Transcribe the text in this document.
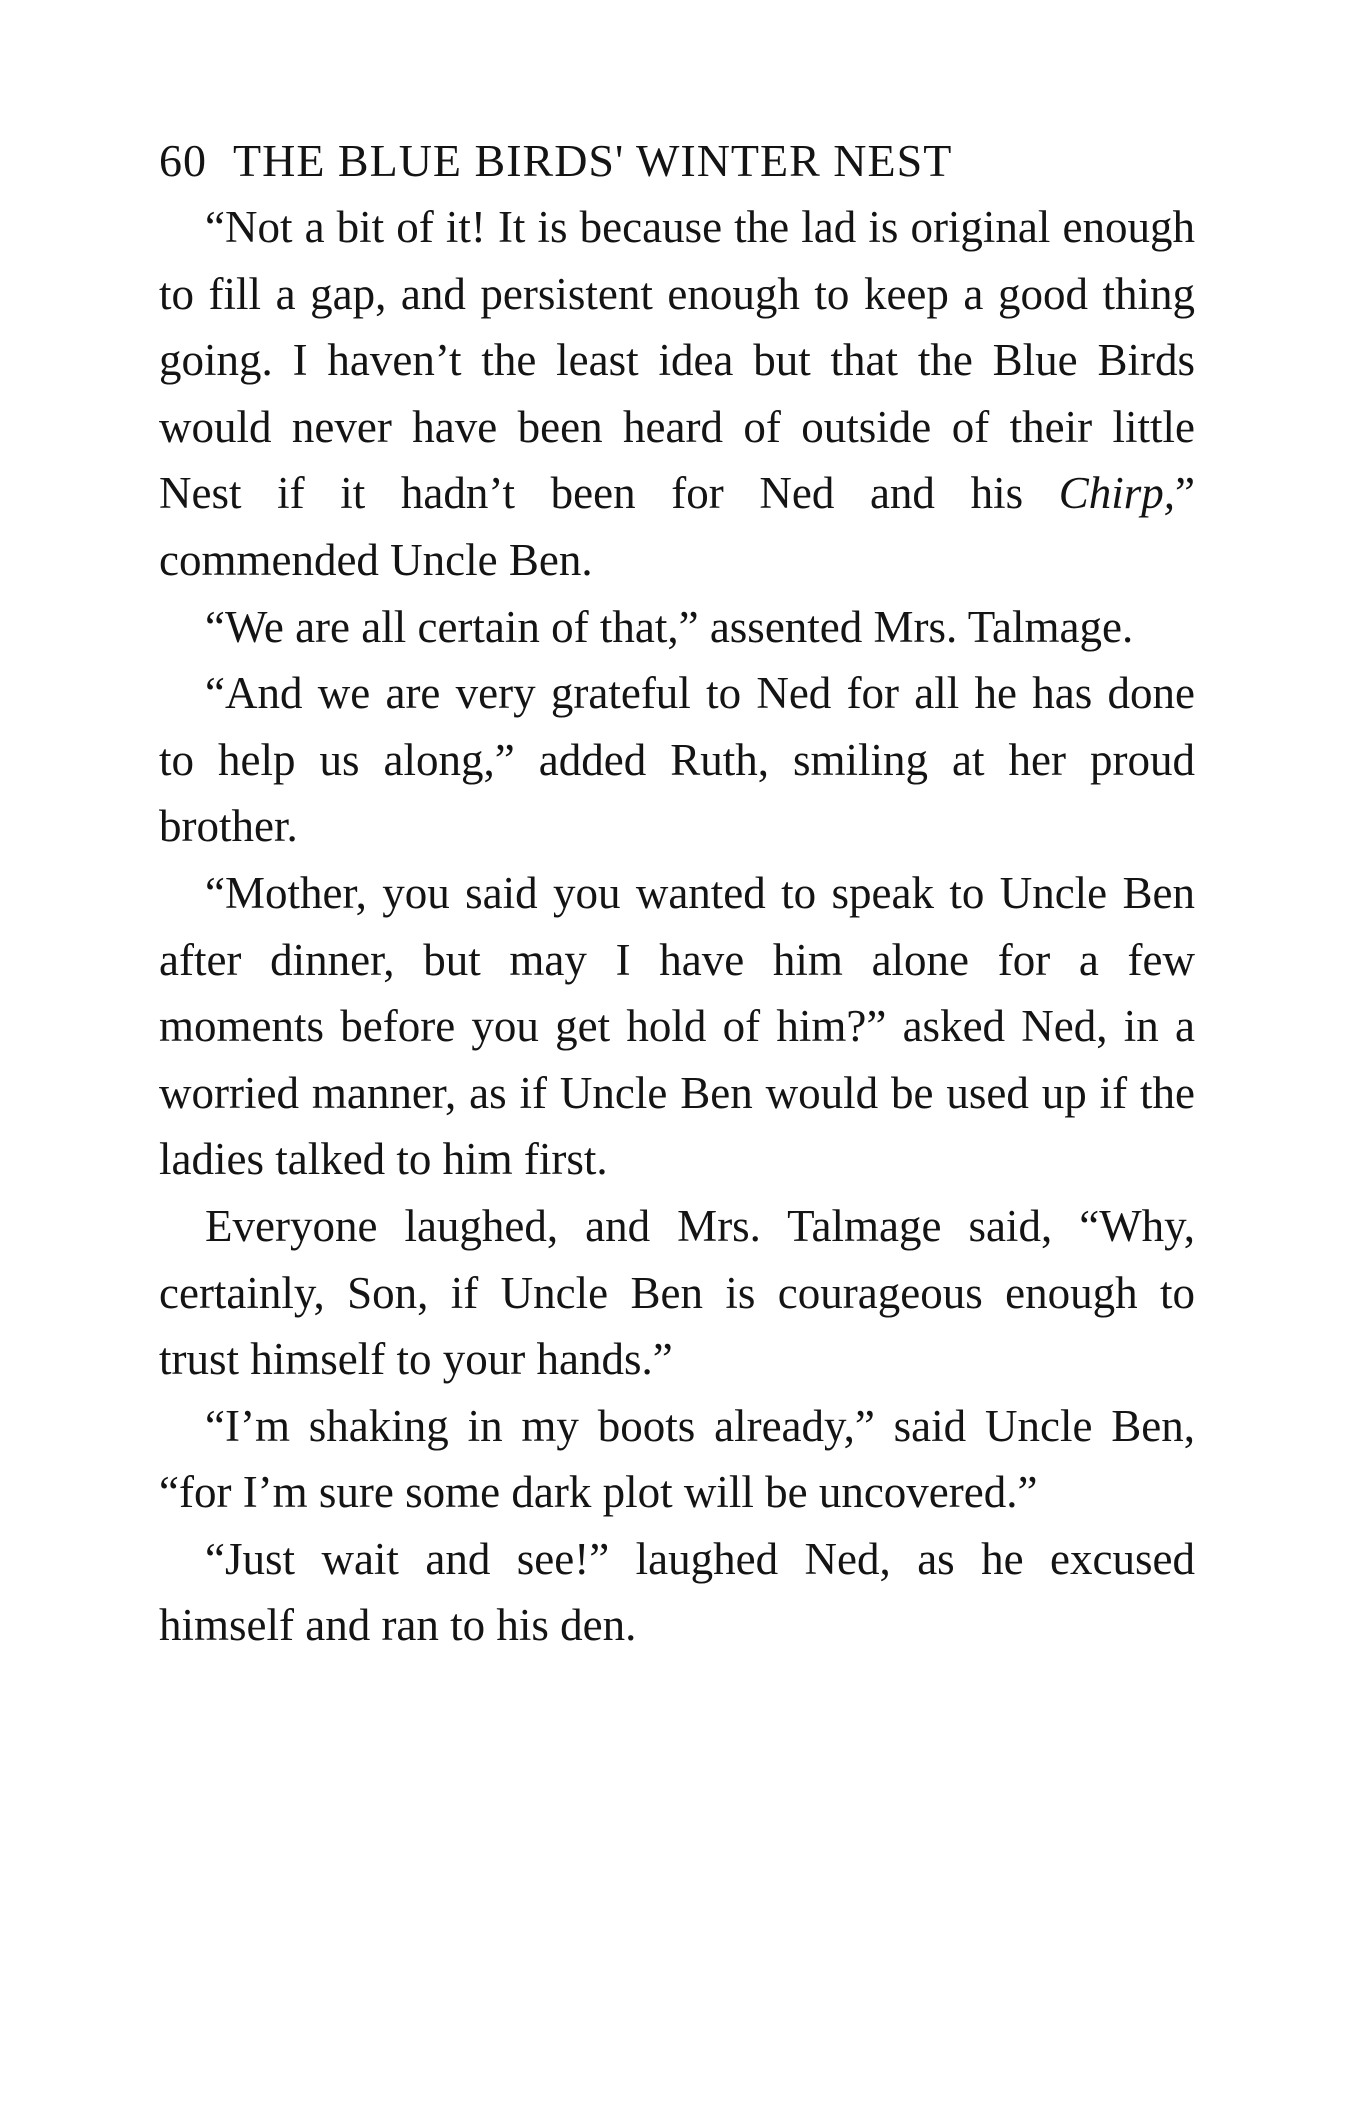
60 THE BLUE BIRDS' WINTER NEST

“Not a bit of it! It is because the lad is original enough to fill a gap, and persistent enough to keep a good thing going. I haven’t the least idea but that the Blue Birds would never have been heard of outside of their little Nest if it hadn’t been for Ned and his Chirp,” commended Uncle Ben.

“We are all certain of that,” assented Mrs. Talmage.

“And we are very grateful to Ned for all he has done to help us along,” added Ruth, smiling at her proud brother.

“Mother, you said you wanted to speak to Uncle Ben after dinner, but may I have him alone for a few moments before you get hold of him?” asked Ned, in a worried manner, as if Uncle Ben would be used up if the ladies talked to him first.

Everyone laughed, and Mrs. Talmage said, “Why, certainly, Son, if Uncle Ben is courageous enough to trust himself to your hands.”

“I’m shaking in my boots already,” said Uncle Ben, “for I’m sure some dark plot will be uncovered.”

“Just wait and see!” laughed Ned, as he excused himself and ran to his den.
